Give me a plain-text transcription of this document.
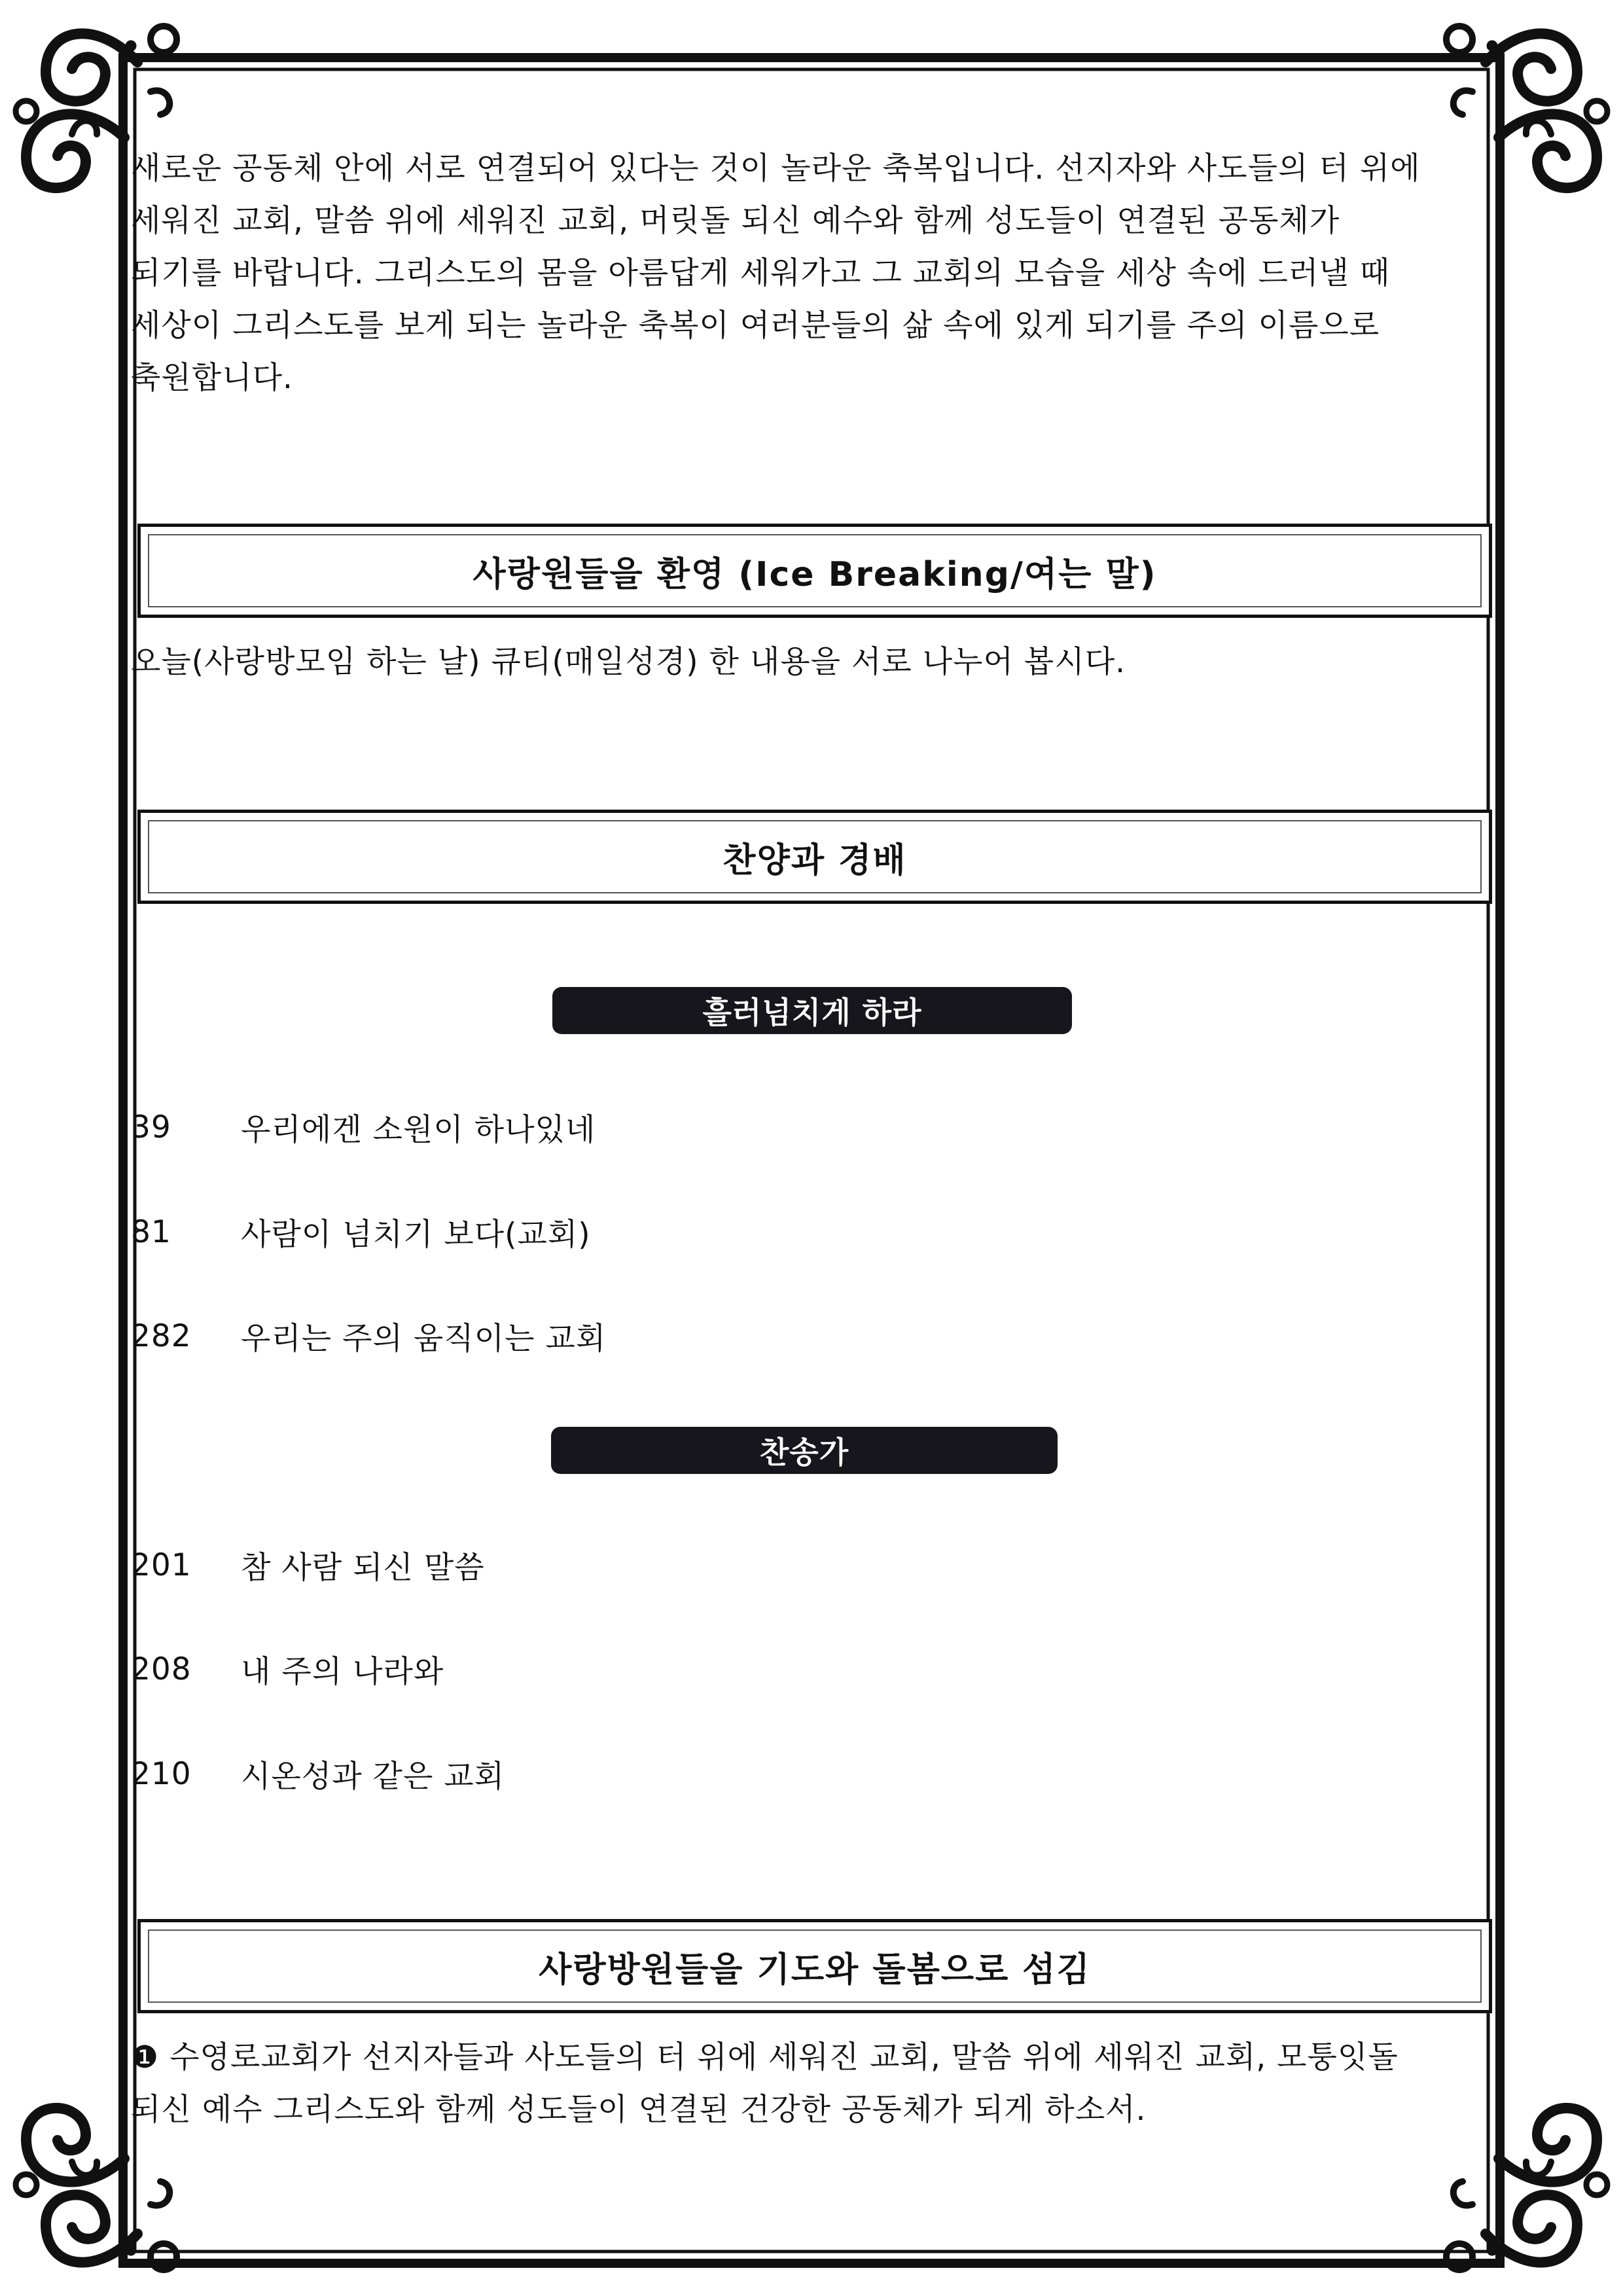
새로운 공동체 안에 서로 연결되어 있다는 것이 놀라운 축복입니다. 선지자와 사도들의 터 위에
세워진 교회, 말씀 위에 세워진 교회, 머릿돌 되신 예수와 함께 성도들이 연결된 공동체가
되기를 바랍니다. 그리스도의 몸을 아름답게 세워가고 그 교회의 모습을 세상 속에 드러낼 때
세상이 그리스도를 보게 되는 놀라운 축복이 여러분들의 삶 속에 있게 되기를 주의 이름으로
축원합니다.
사랑원들을 환영 (Ice Breaking/여는 말)
오늘(사랑방모임 하는 날) 큐티(매일성경) 한 내용을 서로 나누어 봅시다.
찬양과 경배
흘러넘치게 하라
39	우리에겐 소원이 하나있네
81	사람이 넘치기 보다(교회)
282	우리는 주의 움직이는 교회
찬송가
201	참 사람 되신 말씀
208	내 주의 나라와
210	시온성과 같은 교회
사랑방원들을 기도와 돌봄으로 섬김
❶ 수영로교회가 선지자들과 사도들의 터 위에 세워진 교회, 말씀 위에 세워진 교회, 모퉁잇돌
되신 예수 그리스도와 함께 성도들이 연결된 건강한 공동체가 되게 하소서.
